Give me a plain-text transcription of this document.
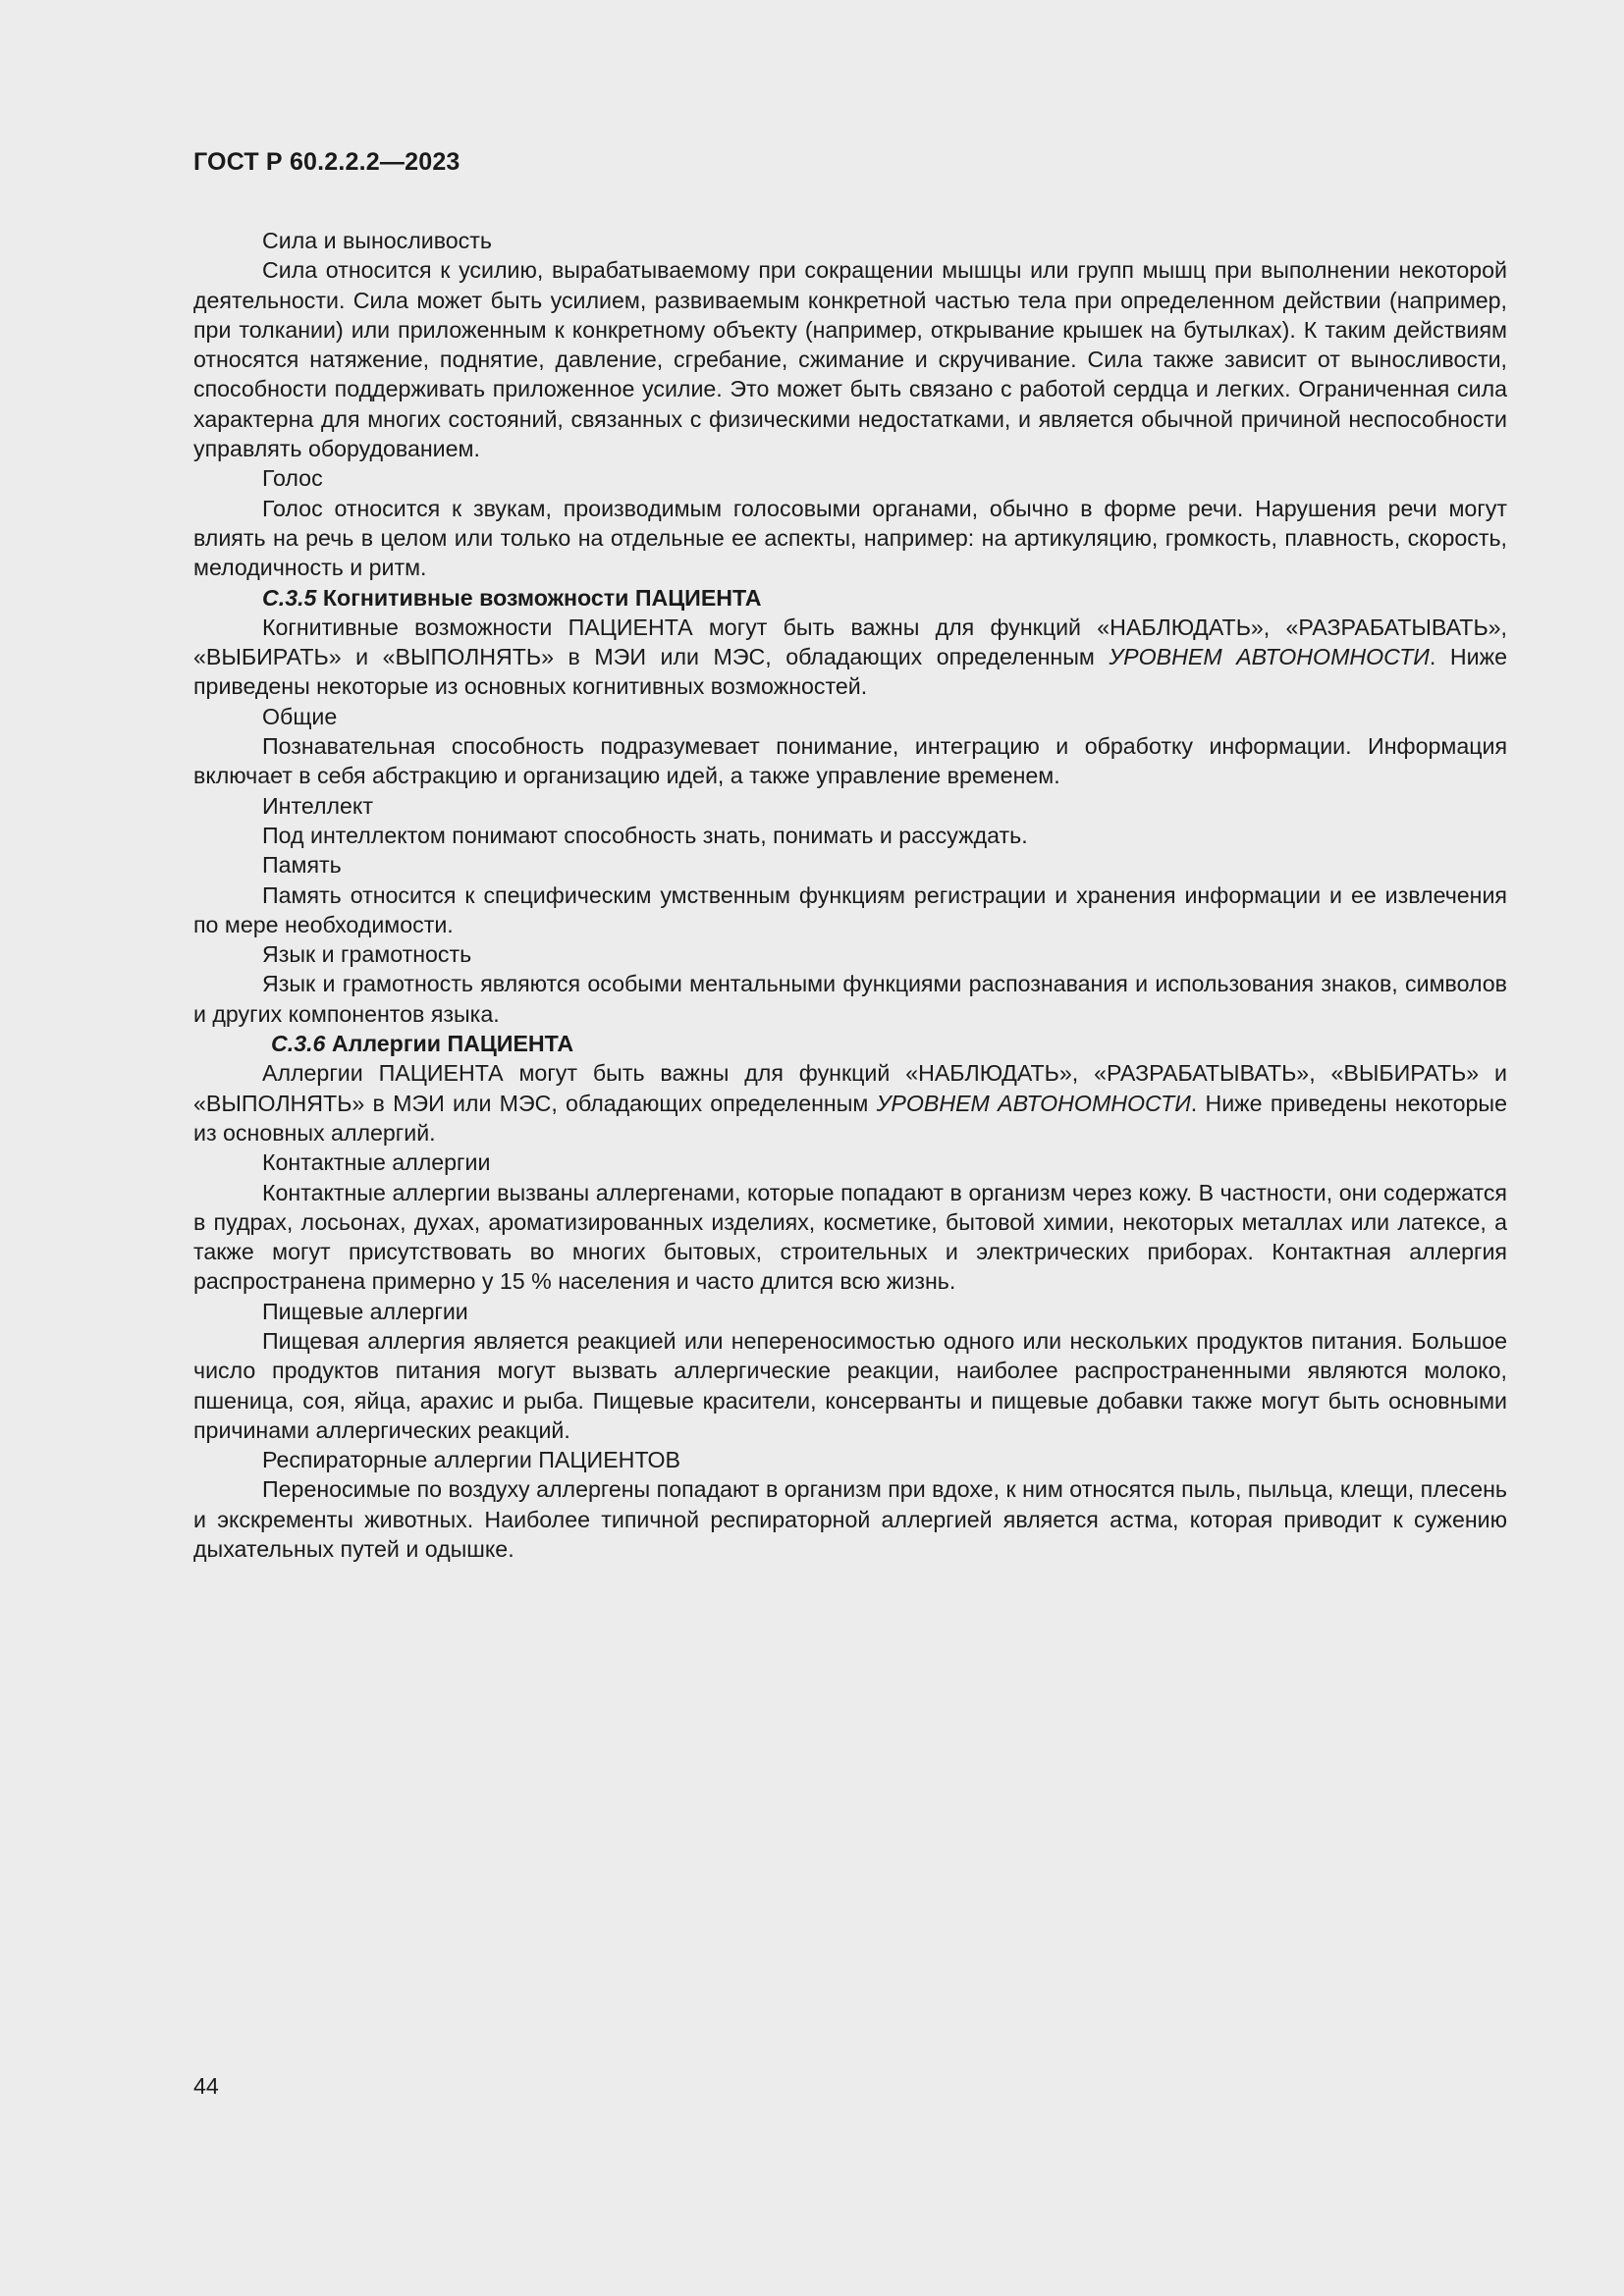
ГОСТ Р 60.2.2.2—2023

Сила и выносливость

Сила относится к усилию, вырабатываемому при сокращении мышцы или групп мышц при выполнении некоторой деятельности. Сила может быть усилием, развиваемым конкретной частью тела при определенном действии (например, при толкании) или приложенным к конкретному объекту (например, открывание крышек на бутылках). К таким действиям относятся натяжение, поднятие, давление, сгребание, сжимание и скручивание. Сила также зависит от выносливости, способности поддерживать приложенное усилие. Это может быть связано с работой сердца и легких. Ограниченная сила характерна для многих состояний, связанных с физическими недостатками, и является обычной причиной неспособности управлять оборудованием.

Голос

Голос относится к звукам, производимым голосовыми органами, обычно в форме речи. Нарушения речи могут влиять на речь в целом или только на отдельные ее аспекты, например: на артикуляцию, громкость, плавность, скорость, мелодичность и ритм.

C.3.5 Когнитивные возможности ПАЦИЕНТА

Когнитивные возможности ПАЦИЕНТА могут быть важны для функций «НАБЛЮДАТЬ», «РАЗРАБАТЫВАТЬ», «ВЫБИРАТЬ» и «ВЫПОЛНЯТЬ» в МЭИ или МЭС, обладающих определенным УРОВНЕМ АВТОНОМНОСТИ. Ниже приведены некоторые из основных когнитивных возможностей.

Общие

Познавательная способность подразумевает понимание, интеграцию и обработку информации. Информация включает в себя абстракцию и организацию идей, а также управление временем.

Интеллект

Под интеллектом понимают способность знать, понимать и рассуждать.

Память

Память относится к специфическим умственным функциям регистрации и хранения информации и ее извлечения по мере необходимости.

Язык и грамотность

Язык и грамотность являются особыми ментальными функциями распознавания и использования знаков, символов и других компонентов языка.

C.3.6 Аллергии ПАЦИЕНТА

Аллергии ПАЦИЕНТА могут быть важны для функций «НАБЛЮДАТЬ», «РАЗРАБАТЫВАТЬ», «ВЫБИРАТЬ» и «ВЫПОЛНЯТЬ» в МЭИ или МЭС, обладающих определенным УРОВНЕМ АВТОНОМНОСТИ. Ниже приведены некоторые из основных аллергий.

Контактные аллергии

Контактные аллергии вызваны аллергенами, которые попадают в организм через кожу. В частности, они содержатся в пудрах, лосьонах, духах, ароматизированных изделиях, косметике, бытовой химии, некоторых металлах или латексе, а также могут присутствовать во многих бытовых, строительных и электрических приборах. Контактная аллергия распространена примерно у 15 % населения и часто длится всю жизнь.

Пищевые аллергии

Пищевая аллергия является реакцией или непереносимостью одного или нескольких продуктов питания. Большое число продуктов питания могут вызвать аллергические реакции, наиболее распространенными являются молоко, пшеница, соя, яйца, арахис и рыба. Пищевые красители, консерванты и пищевые добавки также могут быть основными причинами аллергических реакций.

Респираторные аллергии ПАЦИЕНТОВ

Переносимые по воздуху аллергены попадают в организм при вдохе, к ним относятся пыль, пыльца, клещи, плесень и экскременты животных. Наиболее типичной респираторной аллергией является астма, которая приводит к сужению дыхательных путей и одышке.

44
